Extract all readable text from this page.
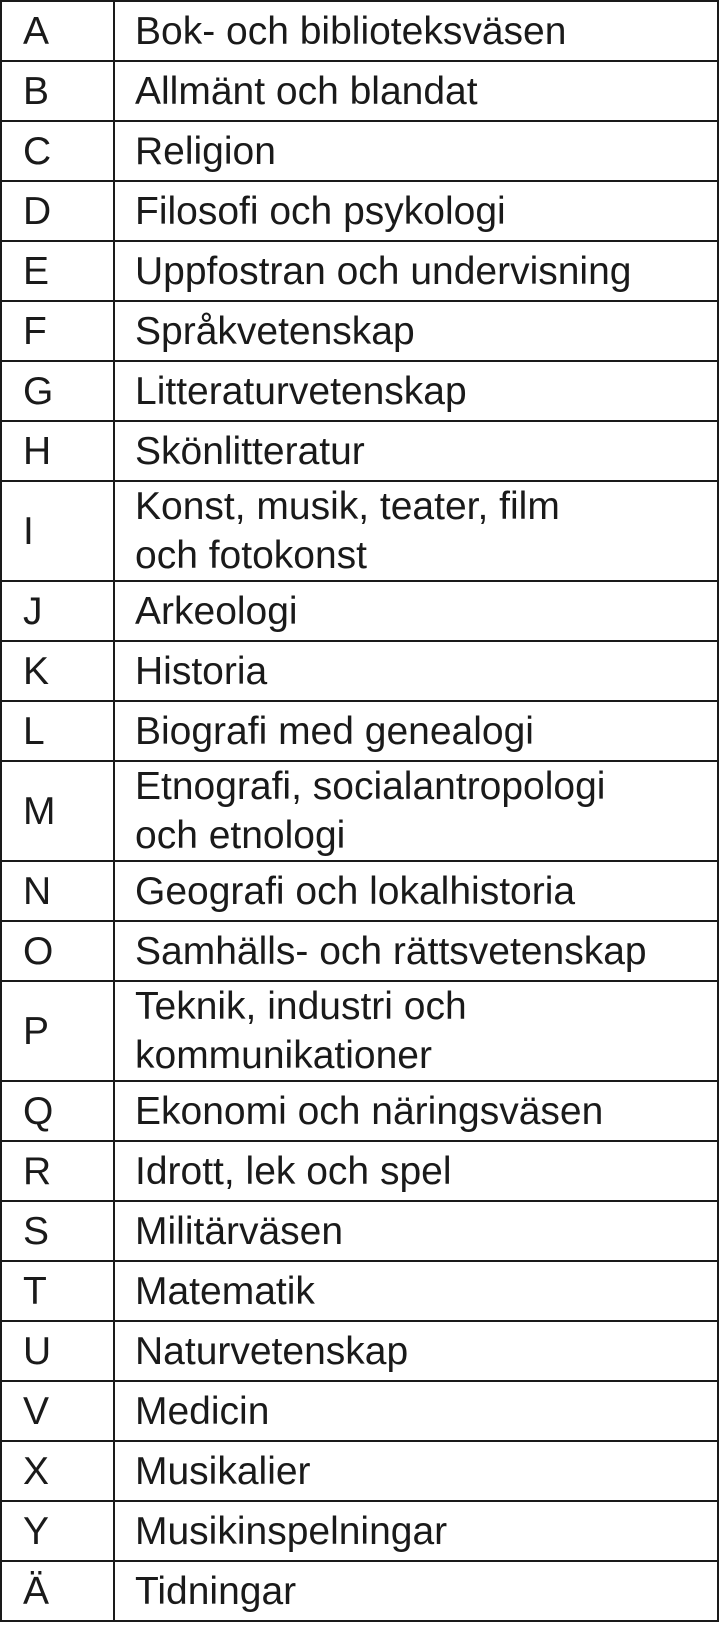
A	Bok- och biblioteksväsen
B	Allmänt och blandat
C	Religion
D	Filosofi och psykologi
E	Uppfostran och undervisning
F	Språkvetenskap
G	Litteraturvetenskap
H	Skönlitteratur
I	Konst, musik, teater, film
och fotokonst
J	Arkeologi
K	Historia
L	Biografi med genealogi
M	Etnografi, socialantropologi
och etnologi
N	Geografi och lokalhistoria
O	Samhälls- och rättsvetenskap
P	Teknik, industri och
kommunikationer
Q	Ekonomi och näringsväsen
R	Idrott, lek och spel
S	Militärväsen
T	Matematik
U	Naturvetenskap
V	Medicin
X	Musikalier
Y	Musikinspelningar
Ä	Tidningar
